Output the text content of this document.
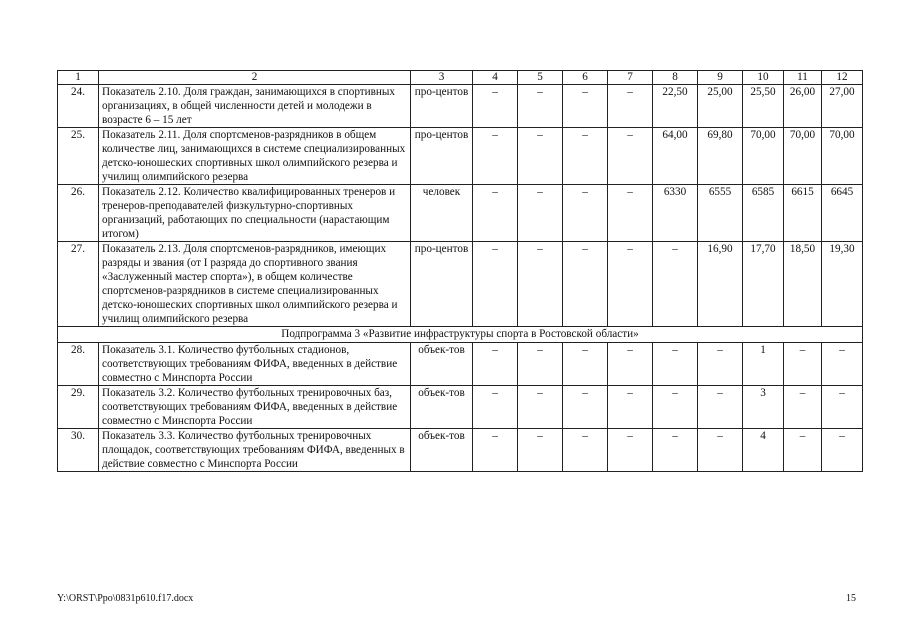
1	2	3	4	5	6	7	8	9	10	11	12
24.	Показатель 2.10. Доля граждан, занимающихся в спортивных организациях, в общей численности детей и молодежи в возрасте 6 – 15 лет	про-центов	–	–	–	–	22,50	25,00	25,50	26,00	27,00
25.	Показатель 2.11. Доля спортсменов-разрядников в общем количестве лиц, занимающихся в системе специализированных детско-юношеских спортивных школ олимпийского резерва и училищ олимпийского резерва	про-центов	–	–	–	–	64,00	69,80	70,00	70,00	70,00
26.	Показатель 2.12. Количество квалифицированных тренеров и тренеров-преподавателей физкультурно-спортивных организаций, работающих по специальности (нарастающим итогом)	человек	–	–	–	–	6330	6555	6585	6615	6645
27.	Показатель 2.13. Доля спортсменов-разрядников, имеющих разряды и звания (от I разряда до спортивного звания «Заслуженный мастер спорта»), в общем количестве спортсменов-разрядников в системе специализированных детско-юношеских спортивных школ олимпийского резерва и училищ олимпийского резерва	про-центов	–	–	–	–	–	16,90	17,70	18,50	19,30
Подпрограмма 3 «Развитие инфраструктуры спорта в Ростовской области»											
28.	Показатель 3.1. Количество футбольных стадионов, соответствующих требованиям ФИФА, введенных в действие совместно с Минспорта России	объек-тов	–	–	–	–	–	–	1	–	–
29.	Показатель 3.2. Количество футбольных тренировочных баз, соответствующих требованиям ФИФА, введенных в действие совместно с Минспорта России	объек-тов	–	–	–	–	–	–	3	–	–
30.	Показатель 3.3. Количество футбольных тренировочных площадок, соответствующих требованиям ФИФА, введенных в действие совместно с Минспорта России	объек-тов	–	–	–	–	–	–	4	–	–
Y:\ORST\Ppo\0831p610.f17.docx	15
